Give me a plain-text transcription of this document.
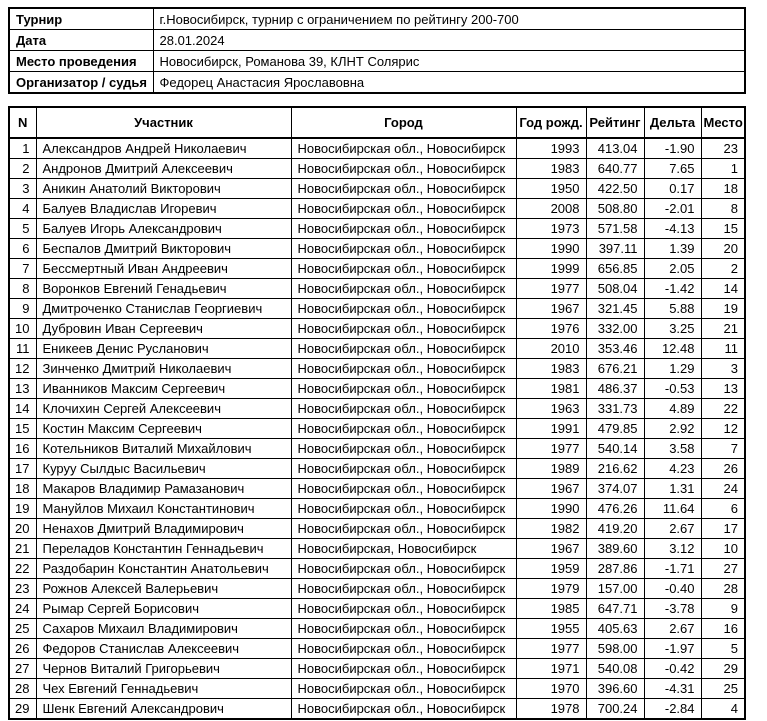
Турнир	г.Новосибирск, турнир с ограничением по рейтингу 200-700
Дата	28.01.2024
Место проведения	Новосибирск, Романова 39, КЛНТ Солярис
Организатор / судья	Федорец Анастасия Ярославовна
N	Участник	Город	Год рожд.	Рейтинг	Дельта	Место
1	Александров Андрей Николаевич	Новосибирская обл., Новосибирск	1993	413.04	-1.90	23
2	Андронов Дмитрий Алексеевич	Новосибирская обл., Новосибирск	1983	640.77	7.65	1
3	Аникин Анатолий Викторович	Новосибирская обл., Новосибирск	1950	422.50	0.17	18
4	Балуев Владислав Игоревич	Новосибирская обл., Новосибирск	2008	508.80	-2.01	8
5	Балуев Игорь Александрович	Новосибирская обл., Новосибирск	1973	571.58	-4.13	15
6	Беспалов Дмитрий Викторович	Новосибирская обл., Новосибирск	1990	397.11	1.39	20
7	Бессмертный Иван Андреевич	Новосибирская обл., Новосибирск	1999	656.85	2.05	2
8	Воронков Евгений Генадьевич	Новосибирская обл., Новосибирск	1977	508.04	-1.42	14
9	Дмитроченко Станислав Георгиевич	Новосибирская обл., Новосибирск	1967	321.45	5.88	19
10	Дубровин Иван Сергеевич	Новосибирская обл., Новосибирск	1976	332.00	3.25	21
11	Еникеев Денис Русланович	Новосибирская обл., Новосибирск	2010	353.46	12.48	11
12	Зинченко Дмитрий Николаевич	Новосибирская обл., Новосибирск	1983	676.21	1.29	3
13	Иванников Максим Сергеевич	Новосибирская обл., Новосибирск	1981	486.37	-0.53	13
14	Клочихин Сергей Алексеевич	Новосибирская обл., Новосибирск	1963	331.73	4.89	22
15	Костин Максим Сергеевич	Новосибирская обл., Новосибирск	1991	479.85	2.92	12
16	Котельников Виталий Михайлович	Новосибирская обл., Новосибирск	1977	540.14	3.58	7
17	Куруу Сылдыс Васильевич	Новосибирская обл., Новосибирск	1989	216.62	4.23	26
18	Макаров Владимир Рамазанович	Новосибирская обл., Новосибирск	1967	374.07	1.31	24
19	Мануйлов Михаил Константинович	Новосибирская обл., Новосибирск	1990	476.26	11.64	6
20	Ненахов Дмитрий Владимирович	Новосибирская обл., Новосибирск	1982	419.20	2.67	17
21	Переладов Константин Геннадьевич	Новосибирская, Новосибирск	1967	389.60	3.12	10
22	Раздобарин Константин Анатольевич	Новосибирская обл., Новосибирск	1959	287.86	-1.71	27
23	Рожнов Алексей Валерьевич	Новосибирская обл., Новосибирск	1979	157.00	-0.40	28
24	Рымар Сергей Борисович	Новосибирская обл., Новосибирск	1985	647.71	-3.78	9
25	Сахаров Михаил Владимирович	Новосибирская обл., Новосибирск	1955	405.63	2.67	16
26	Федоров Станислав Алексеевич	Новосибирская обл., Новосибирск	1977	598.00	-1.97	5
27	Чернов Виталий Григорьевич	Новосибирская обл., Новосибирск	1971	540.08	-0.42	29
28	Чех Евгений Геннадьевич	Новосибирская обл., Новосибирск	1970	396.60	-4.31	25
29	Шенк Евгений Александрович	Новосибирская обл., Новосибирск	1978	700.24	-2.84	4
